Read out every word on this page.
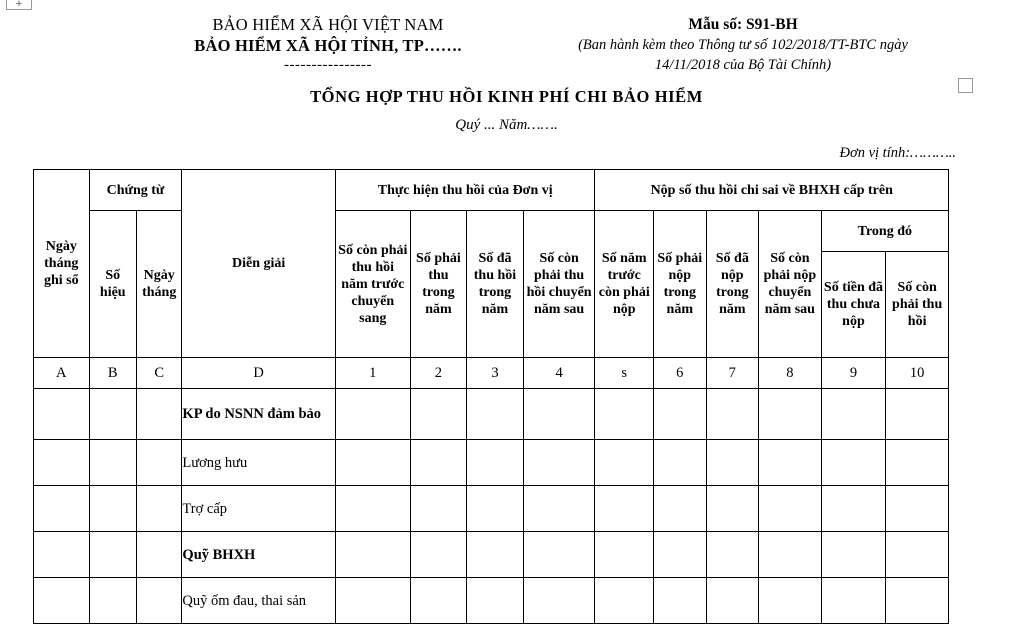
+
BẢO HIỂM XÃ HỘI VIỆT NAM
BẢO HIỂM XÃ HỘI TỈNH, TP…….
----------------
Mẫu số: S91-BH
(Ban hành kèm theo Thông tư số 102/2018/TT-BTC ngày
14/11/2018 của Bộ Tài Chính)
TỔNG HỢP THU HỒI KINH PHÍ CHI BẢO HIỂM
Quý ... Năm…….
Đơn vị tính:………..
Ngày tháng ghi sổ	Chứng từ		Diễn giải	Thực hiện thu hồi của Đơn vị				Nộp số thu hồi chi sai về BHXH cấp trên					
	Số hiệu	Ngày tháng		Số còn phải thu hồi năm trước chuyển sang	Số phải thu trong năm	Số đã thu hồi trong năm	Số còn phải thu hồi chuyển năm sau	Số năm trước còn phải nộp	Số phải nộp trong năm	Số đã nộp trong năm	Số còn phải nộp chuyển năm sau	Trong đó	
												Số tiền đã thu chưa nộp	Số còn phải thu hồi
A	B	C	D	1	2	3	4	s	6	7	8	9	10
			KP do NSNN đảm bảo										
			Lương hưu										
			Trợ cấp										
			Quỹ BHXH										
			Quỹ ốm đau, thai sản										
